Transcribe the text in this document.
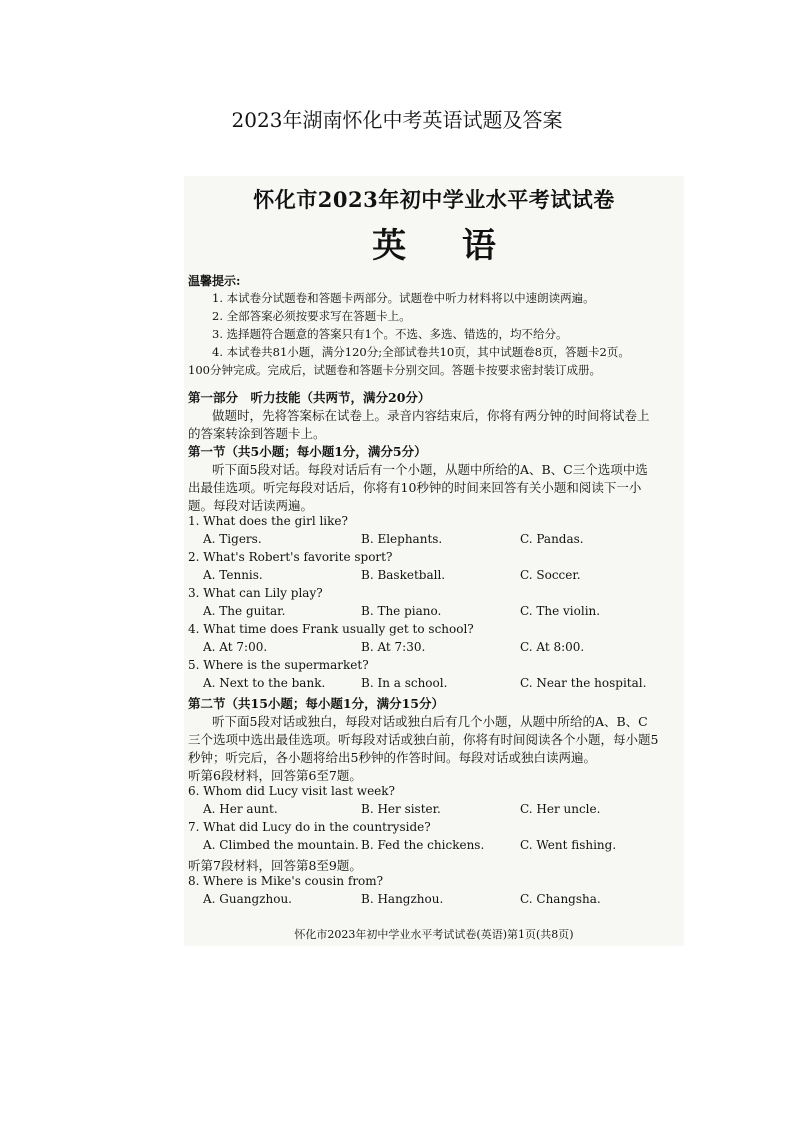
2023年湖南怀化中考英语试题及答案
怀化市2023年初中学业水平考试试卷
英 语
温馨提示:
1. 本试卷分试题卷和答题卡两部分。试题卷中听力材料将以中速朗读两遍。
2. 全部答案必须按要求写在答题卡上。
3. 选择题符合题意的答案只有1个。不选、多选、错选的，均不给分。
4. 本试卷共81小题，满分120分;全部试卷共10页，其中试题卷8页，答题卡2页。
100分钟完成。完成后，试题卷和答题卡分别交回。答题卡按要求密封装订成册。
第一部分　听力技能（共两节，满分20分）
做题时，先将答案标在试卷上。录音内容结束后，你将有两分钟的时间将试卷上
的答案转涂到答题卡上。
第一节（共5小题；每小题1分，满分5分）
听下面5段对话。每段对话后有一个小题，从题中所给的A、B、C三个选项中选
出最佳选项。听完每段对话后，你将有10秒钟的时间来回答有关小题和阅读下一小
题。每段对话读两遍。
1. What does the girl like?
A. Tigers.	B. Elephants.	C. Pandas.
2. What's Robert's favorite sport?
A. Tennis.	B. Basketball.	C. Soccer.
3. What can Lily play?
A. The guitar.	B. The piano.	C. The violin.
4. What time does Frank usually get to school?
A. At 7:00.	B. At 7:30.	C. At 8:00.
5. Where is the supermarket?
A. Next to the bank.	B. In a school.	C. Near the hospital.
第二节（共15小题；每小题1分，满分15分）
听下面5段对话或独白，每段对话或独白后有几个小题，从题中所给的A、B、C
三个选项中选出最佳选项。听每段对话或独白前，你将有时间阅读各个小题，每小题5
秒钟；听完后，各小题将给出5秒钟的作答时间。每段对话或独白读两遍。
听第6段材料，回答第6至7题。
6. Whom did Lucy visit last week?
A. Her aunt.	B. Her sister.	C. Her uncle.
7. What did Lucy do in the countryside?
A. Climbed the mountain. B. Fed the chickens.	C. Went fishing.
听第7段材料，回答第8至9题。
8. Where is Mike's cousin from?
A. Guangzhou.	B. Hangzhou.	C. Changsha.
怀化市2023年初中学业水平考试试卷(英语)第1页(共8页)
